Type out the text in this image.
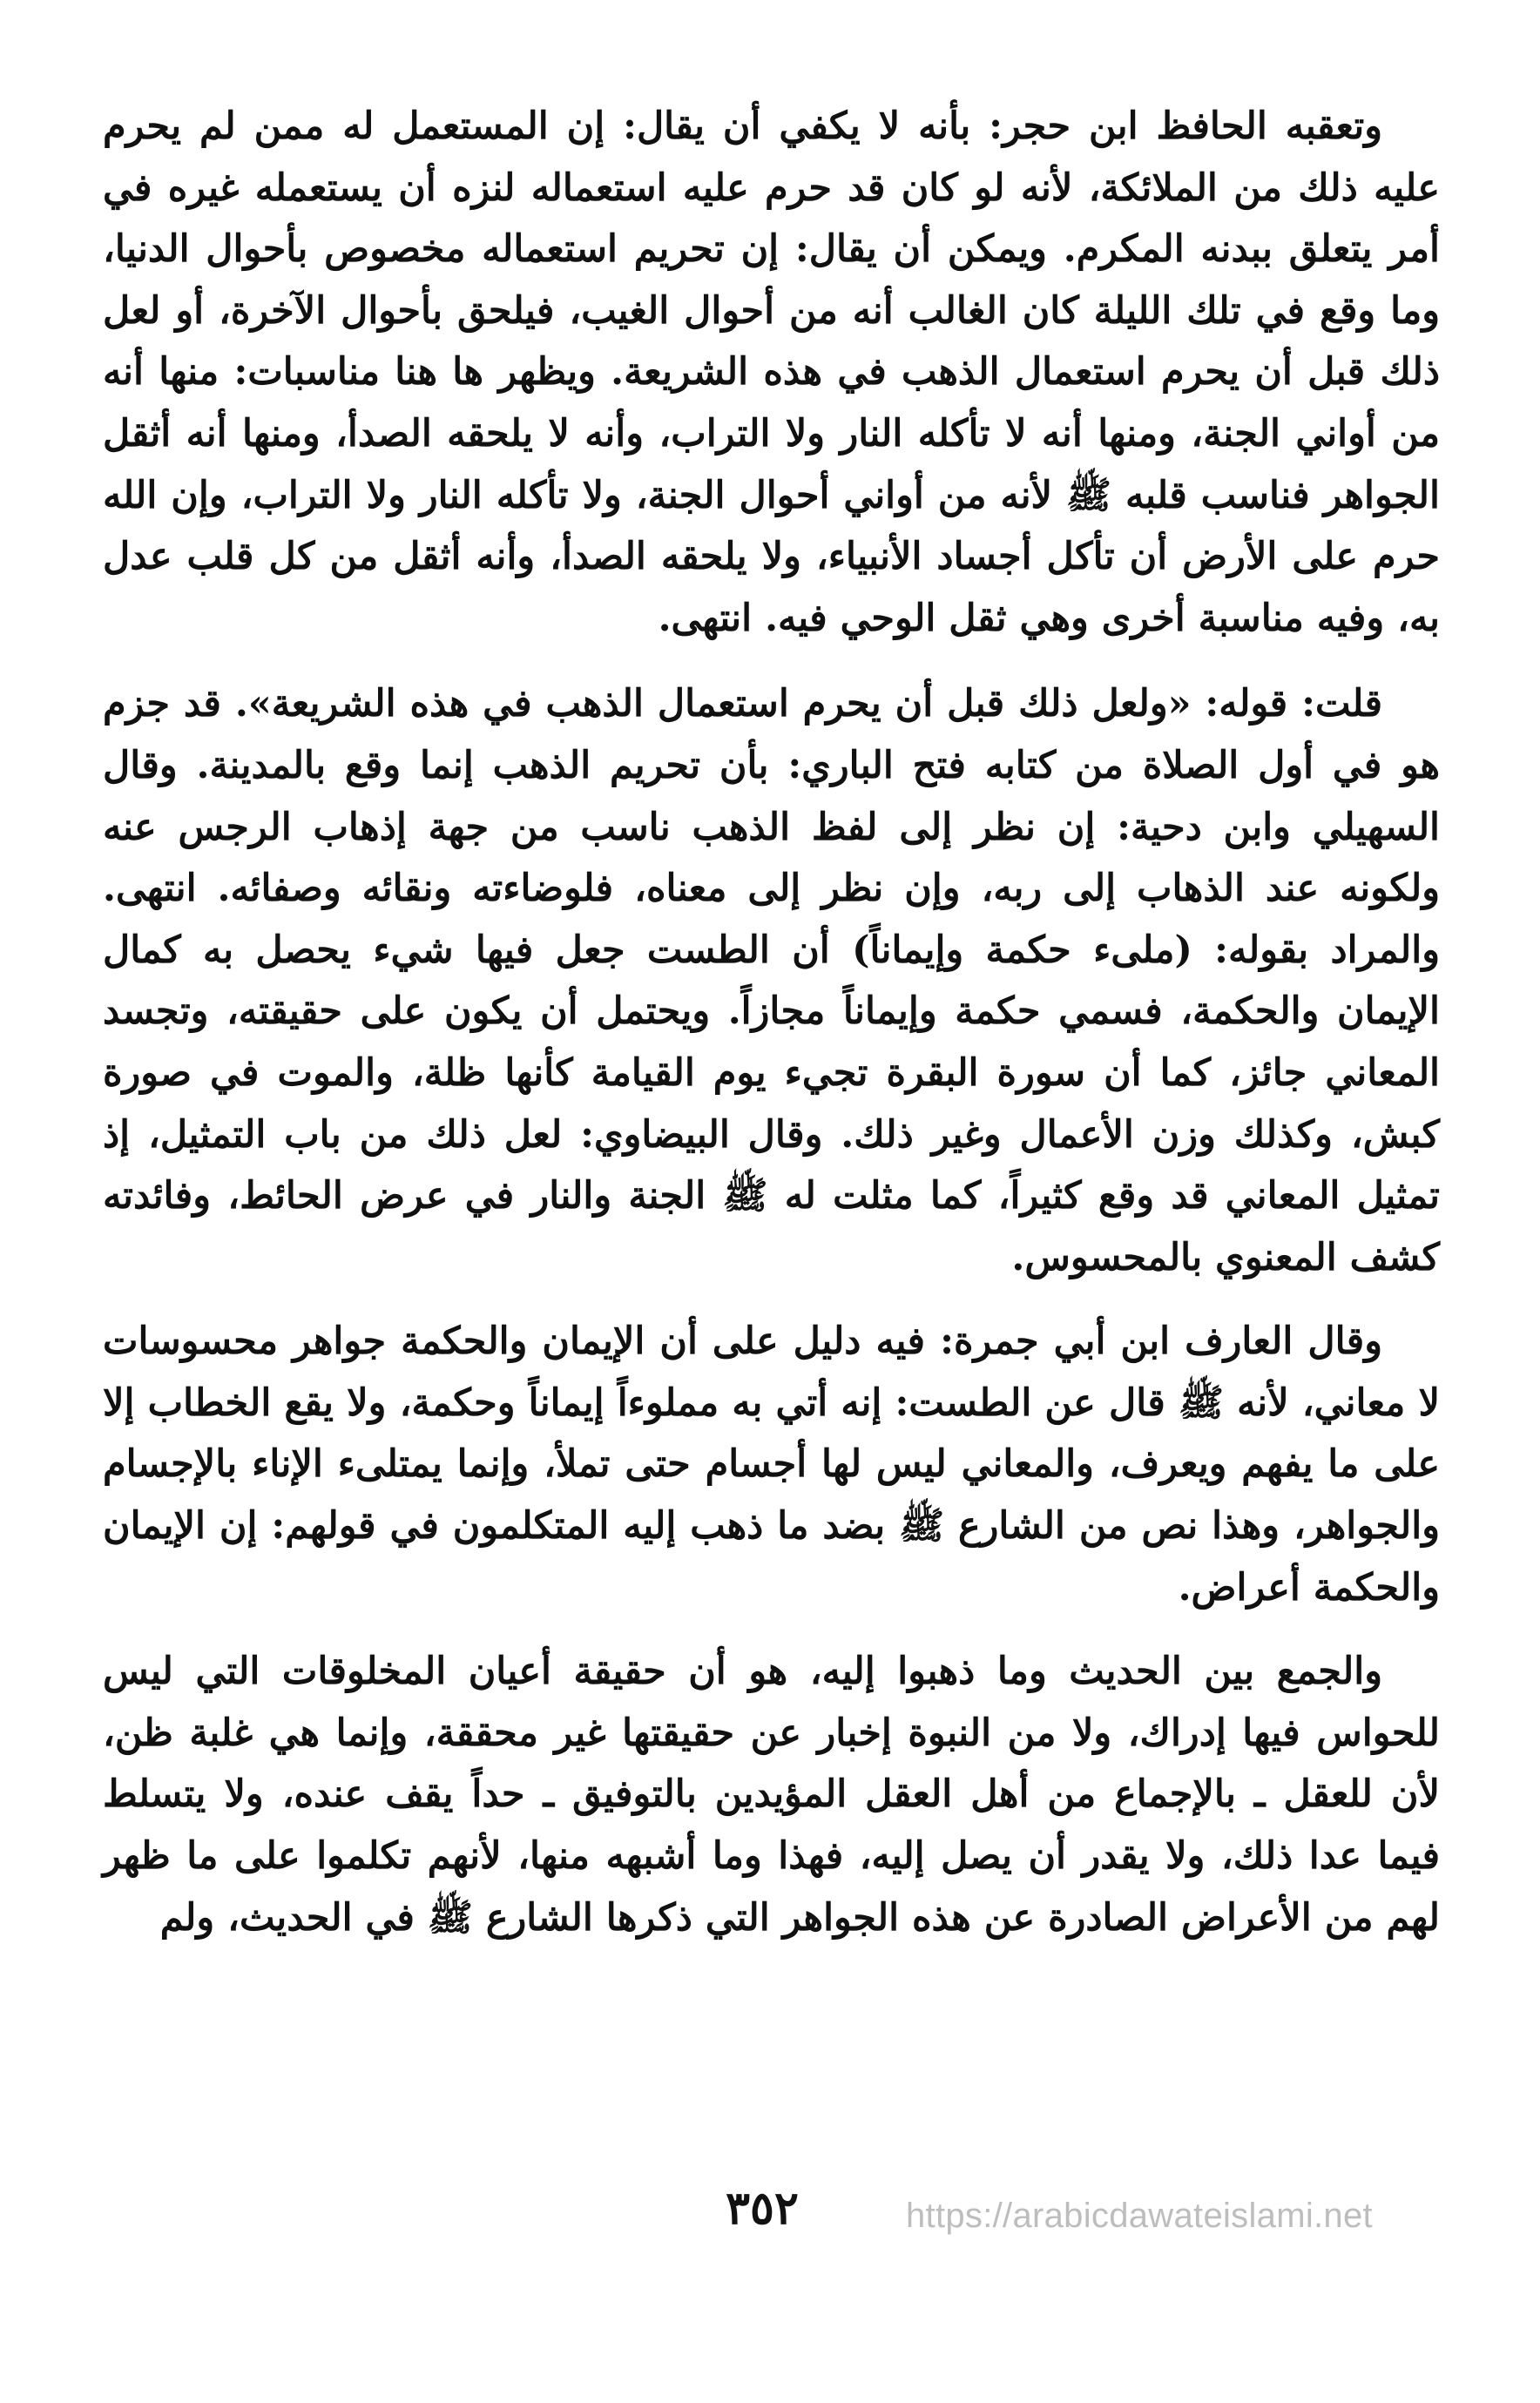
وتعقبه الحافظ ابن حجر: بأنه لا يكفي أن يقال: إن المستعمل له ممن لم يحرم عليه ذلك من الملائكة، لأنه لو كان قد حرم عليه استعماله لنزه أن يستعمله غيره في أمر يتعلق ببدنه المكرم. ويمكن أن يقال: إن تحريم استعماله مخصوص بأحوال الدنيا، وما وقع في تلك الليلة كان الغالب أنه من أحوال الغيب، فيلحق بأحوال الآخرة، أو لعل ذلك قبل أن يحرم استعمال الذهب في هذه الشريعة. ويظهر ها هنا مناسبات: منها أنه من أواني الجنة، ومنها أنه لا تأكله النار ولا التراب، وأنه لا يلحقه الصدأ، ومنها أنه أثقل الجواهر فناسب قلبه ﷺ لأنه من أواني أحوال الجنة، ولا تأكله النار ولا التراب، وإن الله حرم على الأرض أن تأكل أجساد الأنبياء، ولا يلحقه الصدأ، وأنه أثقل من كل قلب عدل به، وفيه مناسبة أخرى وهي ثقل الوحي فيه. انتهى.

قلت: قوله: «ولعل ذلك قبل أن يحرم استعمال الذهب في هذه الشريعة». قد جزم هو في أول الصلاة من كتابه فتح الباري: بأن تحريم الذهب إنما وقع بالمدينة. وقال السهيلي وابن دحية: إن نظر إلى لفظ الذهب ناسب من جهة إذهاب الرجس عنه ولكونه عند الذهاب إلى ربه، وإن نظر إلى معناه، فلوضاءته ونقائه وصفائه. انتهى. والمراد بقوله: (ملىء حكمة وإيماناً) أن الطست جعل فيها شيء يحصل به كمال الإيمان والحكمة، فسمي حكمة وإيماناً مجازاً. ويحتمل أن يكون على حقيقته، وتجسد المعاني جائز، كما أن سورة البقرة تجيء يوم القيامة كأنها ظلة، والموت في صورة كبش، وكذلك وزن الأعمال وغير ذلك. وقال البيضاوي: لعل ذلك من باب التمثيل، إذ تمثيل المعاني قد وقع كثيراً، كما مثلت له ﷺ الجنة والنار في عرض الحائط، وفائدته كشف المعنوي بالمحسوس.

وقال العارف ابن أبي جمرة: فيه دليل على أن الإيمان والحكمة جواهر محسوسات لا معاني، لأنه ﷺ قال عن الطست: إنه أتي به مملوءاً إيماناً وحكمة، ولا يقع الخطاب إلا على ما يفهم ويعرف، والمعاني ليس لها أجسام حتى تملأ، وإنما يمتلىء الإناء بالإجسام والجواهر، وهذا نص من الشارع ﷺ بضد ما ذهب إليه المتكلمون في قولهم: إن الإيمان والحكمة أعراض.

والجمع بين الحديث وما ذهبوا إليه، هو أن حقيقة أعيان المخلوقات التي ليس للحواس فيها إدراك، ولا من النبوة إخبار عن حقيقتها غير محققة، وإنما هي غلبة ظن، لأن للعقل ـ بالإجماع من أهل العقل المؤيدين بالتوفيق ـ حداً يقف عنده، ولا يتسلط فيما عدا ذلك، ولا يقدر أن يصل إليه، فهذا وما أشبهه منها، لأنهم تكلموا على ما ظهر لهم من الأعراض الصادرة عن هذه الجواهر التي ذكرها الشارع ﷺ في الحديث، ولم

٣٥٢	https://arabicdawateislami.net
